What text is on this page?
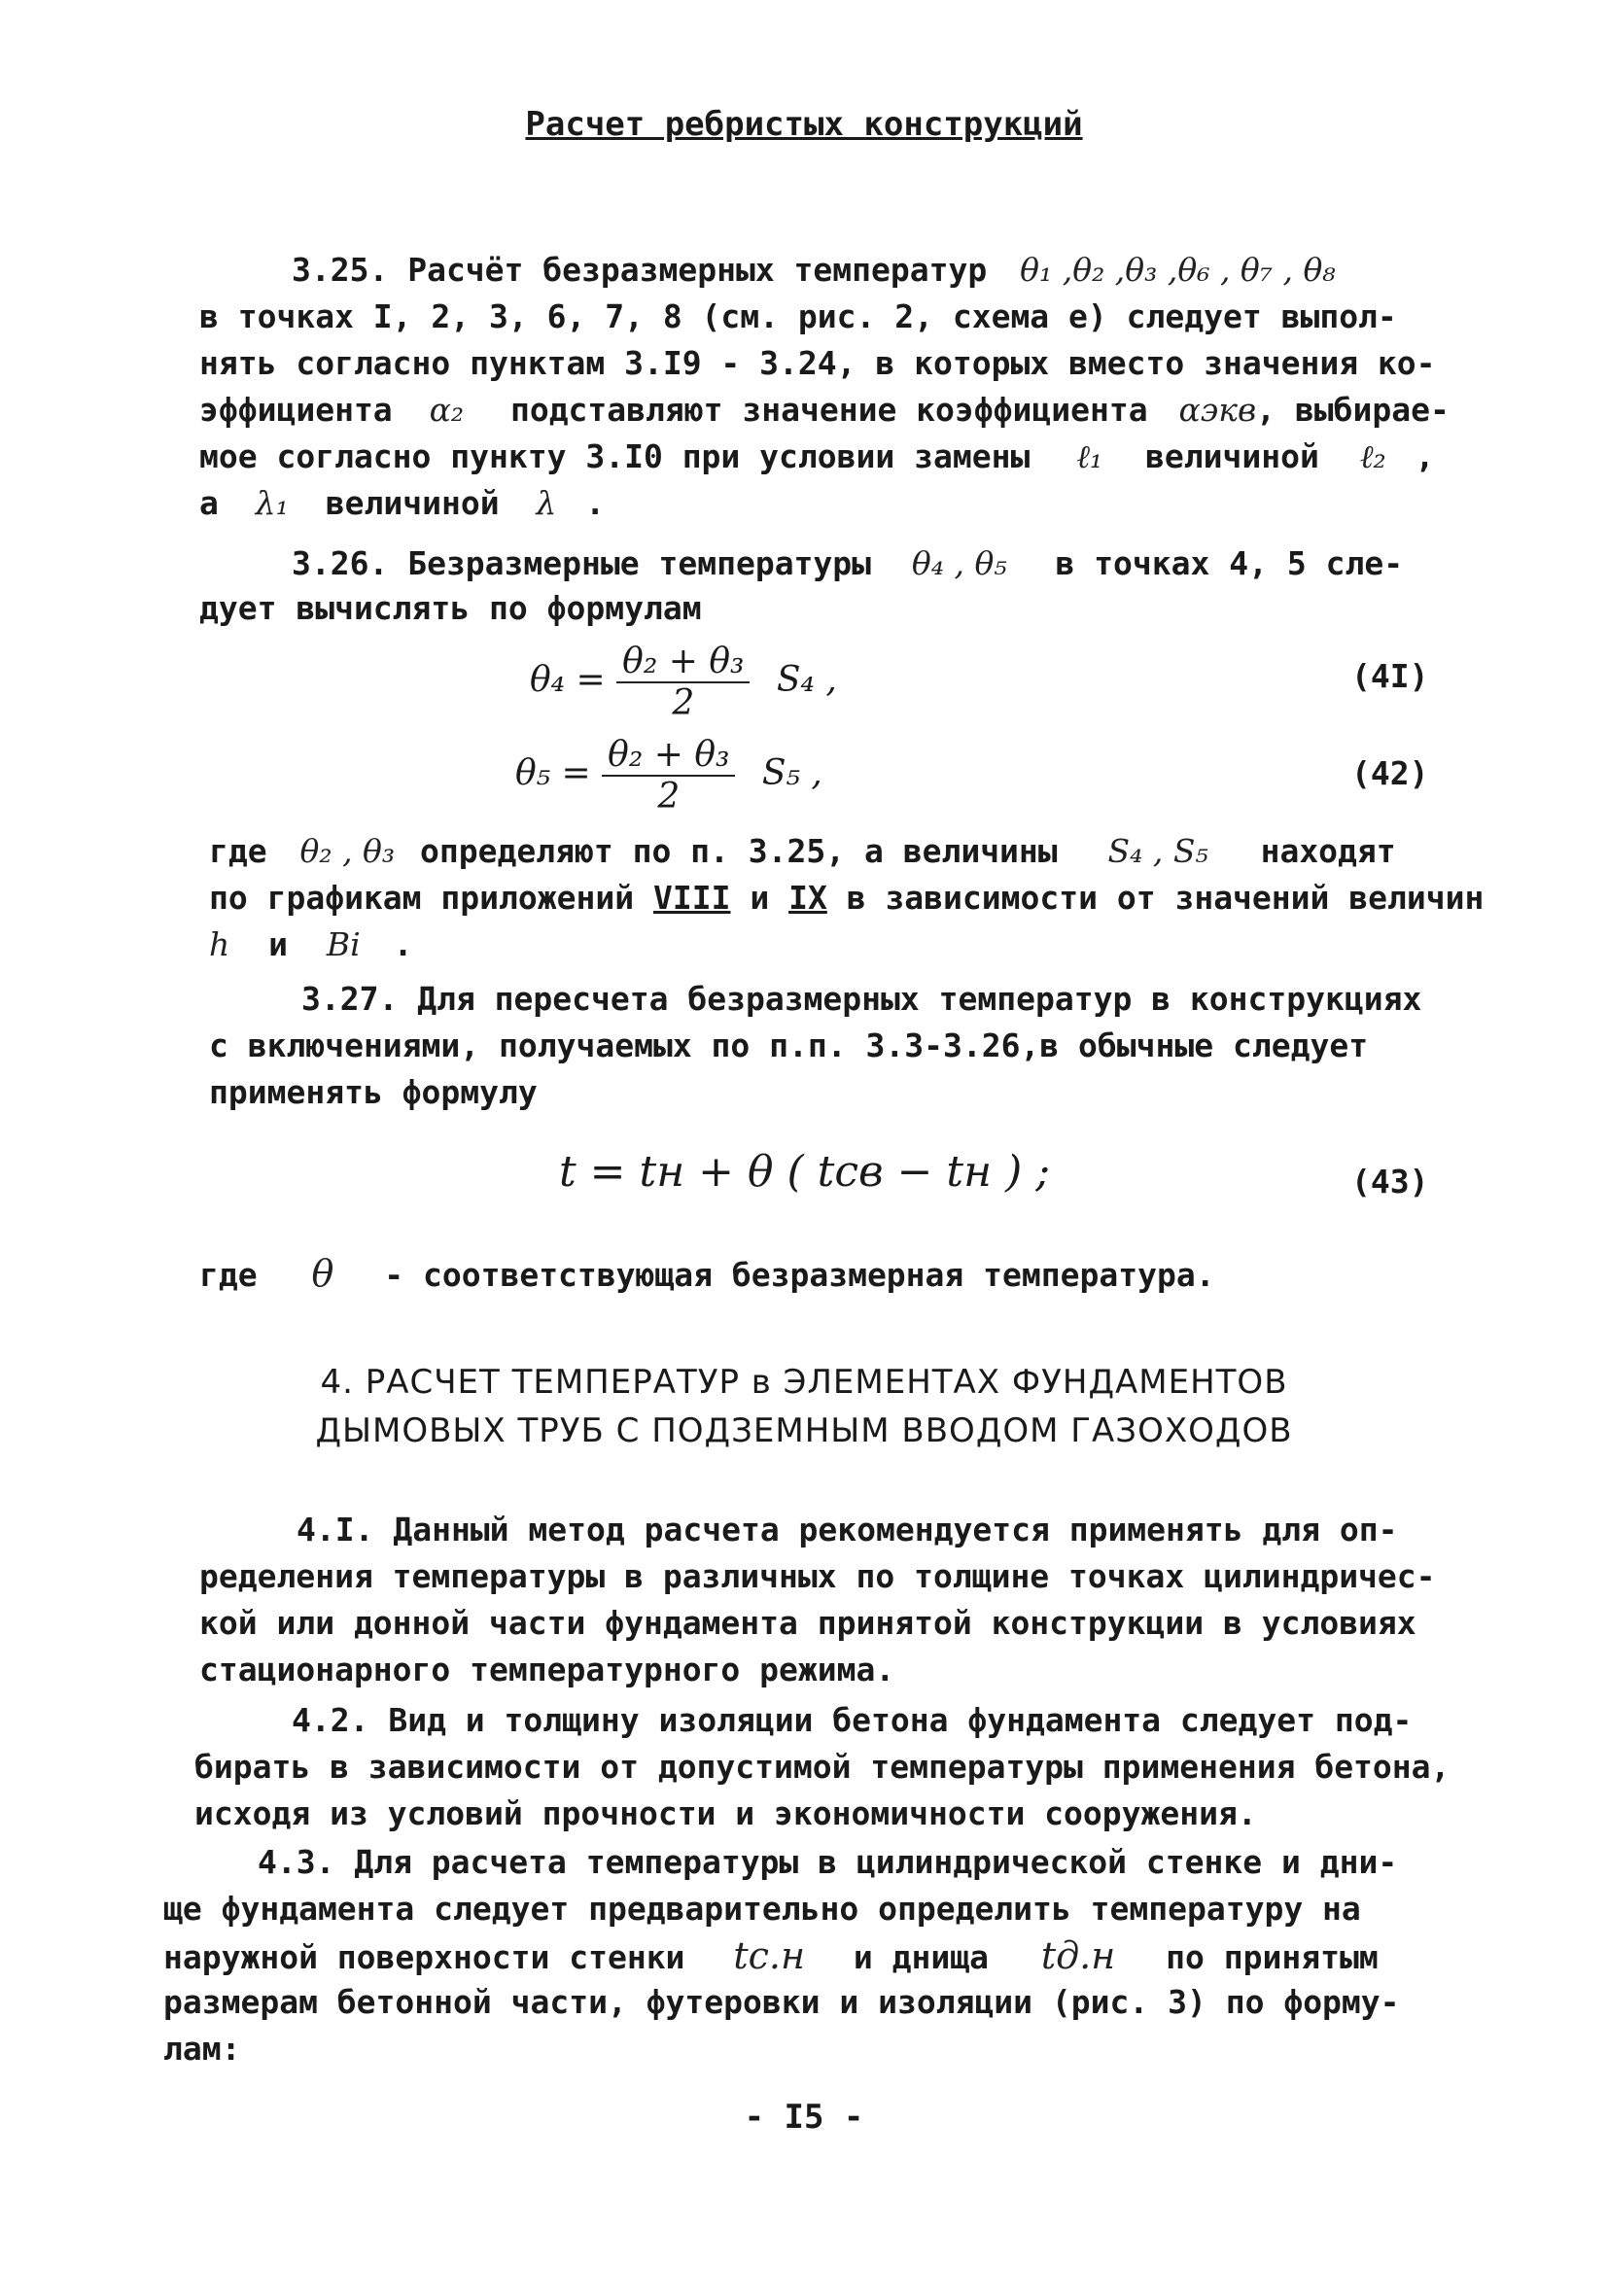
Расчет ребристых конструкций
3.25. Расчёт безразмерных температур θ₁ ,θ₂ ,θ₃ ,θ₆ , θ₇ , θ₈
в точках I, 2, 3, 6, 7, 8 (см. рис. 2, схема е) следует выпол-
нять согласно пунктам 3.I9 - 3.24, в которых вместо значения ко-
эффициента α₂ подставляют значение коэффициента αэкв, выбирае-
мое согласно пункту 3.I0 при условии замены ℓ₁ величиной ℓ₂ ,
а λ₁ величиной λ .
3.26. Безразмерные температуры θ₄ , θ₅ в точках 4, 5 сле-
дует вычислять по формулам
$\theta_4 = \frac{\text{θ₂ + θ₃}}{2} S_4$ ,	(4I)
$\theta_5 = \frac{\text{θ₂ + θ₃}}{2} S_5$ ,	(42)
где θ₂ , θ₃ определяют по п. 3.25, а величины S₄ , S₅ находят
по графикам приложений VIII и IX в зависимости от значений величин
h и Bi .
3.27. Для пересчета безразмерных температур в конструкциях
с включениями, получаемых по п.п. 3.3-3.26,в обычные следует
применять формулу
t = tн + θ ( tсв − tн ) ;	(43)
где θ - соответствующая безразмерная температура.
4. РАСЧЕТ ТЕМПЕРАТУР в ЭЛЕМЕНТАХ ФУНДАМЕНТОВ
ДЫМОВЫХ ТРУБ С ПОДЗЕМНЫМ ВВОДОМ ГАЗОХОДОВ
4.I. Данный метод расчета рекомендуется применять для оп-
ределения температуры в различных по толщине точках цилиндричес-
кой или донной части фундамента принятой конструкции в условиях
стационарного температурного режима.
4.2. Вид и толщину изоляции бетона фундамента следует под-
бирать в зависимости от допустимой температуры применения бетона,
исходя из условий прочности и экономичности сооружения.
4.3. Для расчета температуры в цилиндрической стенке и дни-
ще фундамента следует предварительно определить температуру на
наружной поверхности стенки tс.н и днища tд.н по принятым
размерам бетонной части, футеровки и изоляции (рис. 3) по форму-
лам:
- I5 -
